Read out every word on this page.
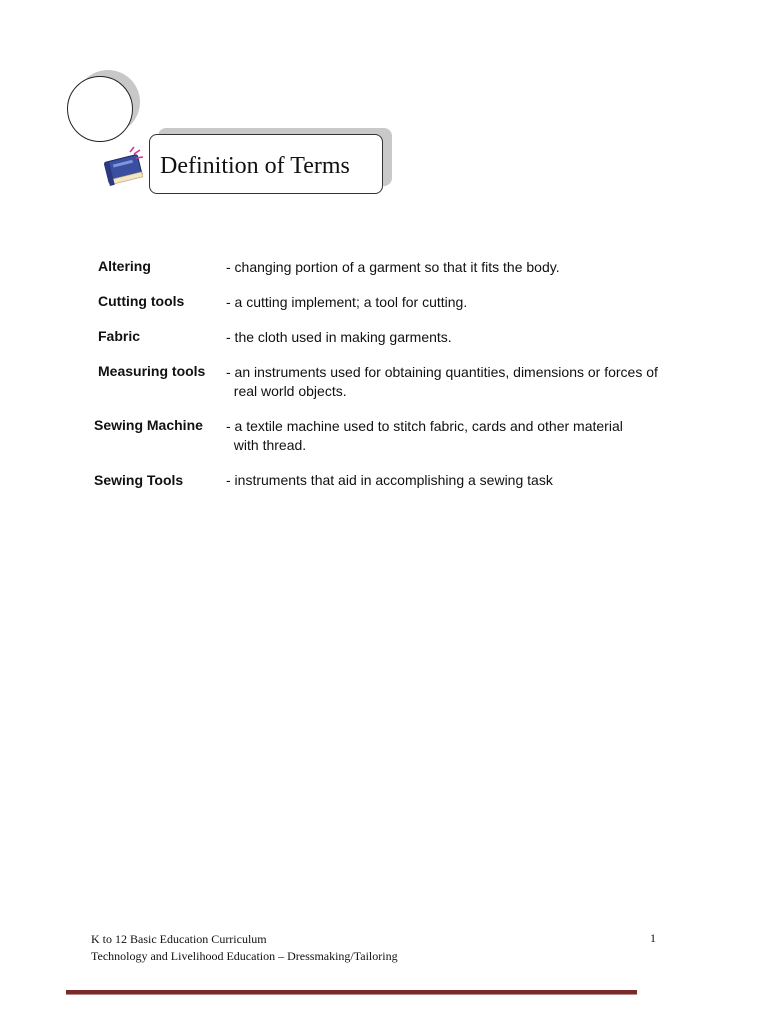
Definition of Terms
Altering	- changing portion of a garment so that it fits the body.
Cutting tools	- a cutting implement; a tool for cutting.
Fabric	- the cloth used in making garments.
Measuring tools - an instruments used for obtaining quantities, dimensions or forces of
real world objects.
Sewing Machine - a textile machine used to stitch fabric, cards and other material
with thread.
Sewing Tools	- instruments that aid in accomplishing a sewing task
K to 12 Basic Education Curriculum
Technology and Livelihood Education – Dressmaking/Tailoring
1
